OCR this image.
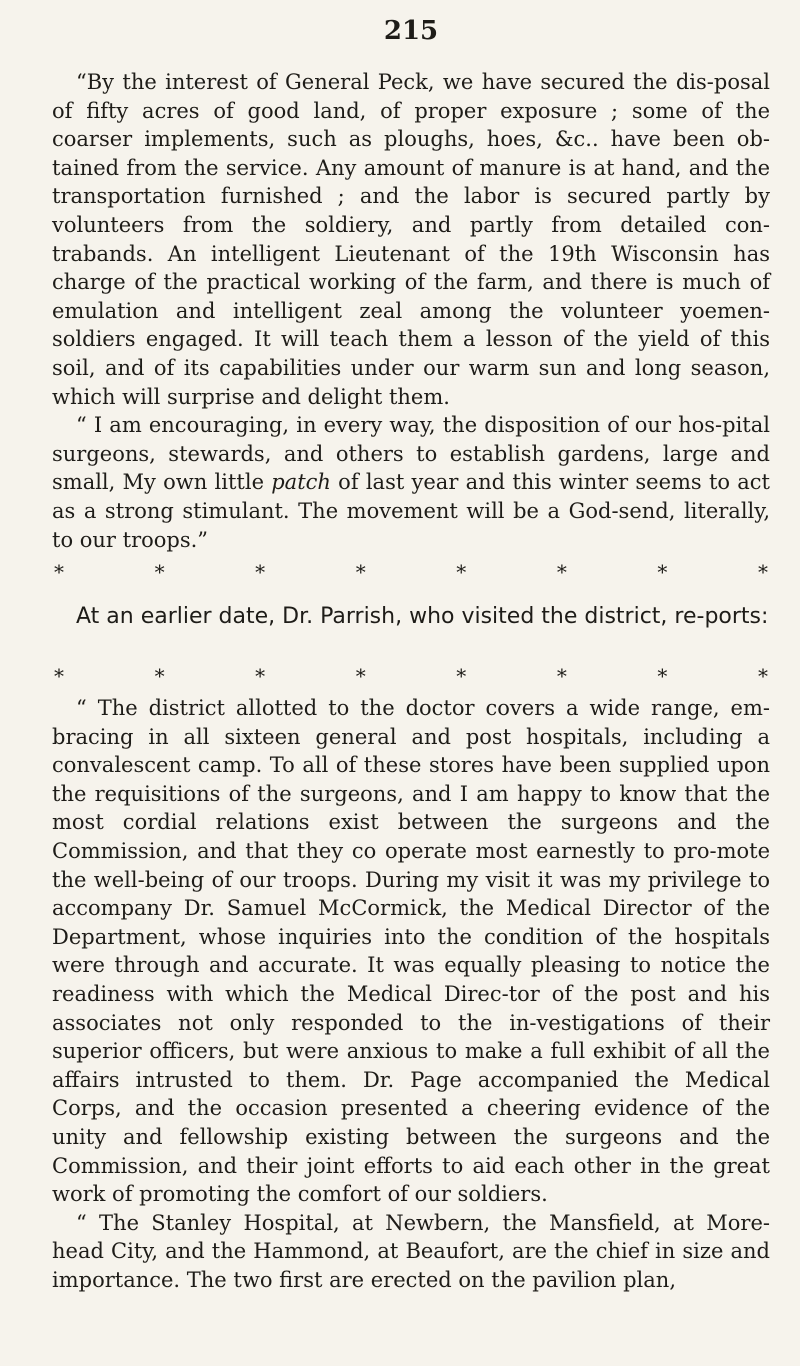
215

“By the interest of General Peck, we have secured the dis-posal of fifty acres of good land, of proper exposure ; some of the coarser implements, such as ploughs, hoes, &c.. have been ob-tained from the service. Any amount of manure is at hand, and the transportation furnished ; and the labor is secured partly by volunteers from the soldiery, and partly from detailed con-trabands. An intelligent Lieutenant of the 19th Wisconsin has charge of the practical working of the farm, and there is much of emulation and intelligent zeal among the volunteer yoemen-soldiers engaged. It will teach them a lesson of the yield of this soil, and of its capabilities under our warm sun and long season, which will surprise and delight them.

“ I am encouraging, in every way, the disposition of our hos-pital surgeons, stewards, and others to establish gardens, large and small, My own little patch of last year and this winter seems to act as a strong stimulant. The movement will be a God-send, literally, to our troops.”

*	*	*	*	*	*	*	*

At an earlier date, Dr. Parrish, who visited the district, re-ports:

*	*	*	*	*	*	*	*

“ The district allotted to the doctor covers a wide range, em-bracing in all sixteen general and post hospitals, including a convalescent camp. To all of these stores have been supplied upon the requisitions of the surgeons, and I am happy to know that the most cordial relations exist between the surgeons and the Commission, and that they co operate most earnestly to pro-mote the well-being of our troops. During my visit it was my privilege to accompany Dr. Samuel McCormick, the Medical Director of the Department, whose inquiries into the condition of the hospitals were through and accurate. It was equally pleasing to notice the readiness with which the Medical Direc-tor of the post and his associates not only responded to the in-vestigations of their superior officers, but were anxious to make a full exhibit of all the affairs intrusted to them. Dr. Page accompanied the Medical Corps, and the occasion presented a cheering evidence of the unity and fellowship existing between the surgeons and the Commission, and their joint efforts to aid each other in the great work of promoting the comfort of our soldiers.

“ The Stanley Hospital, at Newbern, the Mansfield, at More-head City, and the Hammond, at Beaufort, are the chief in size and importance. The two first are erected on the pavilion plan,
